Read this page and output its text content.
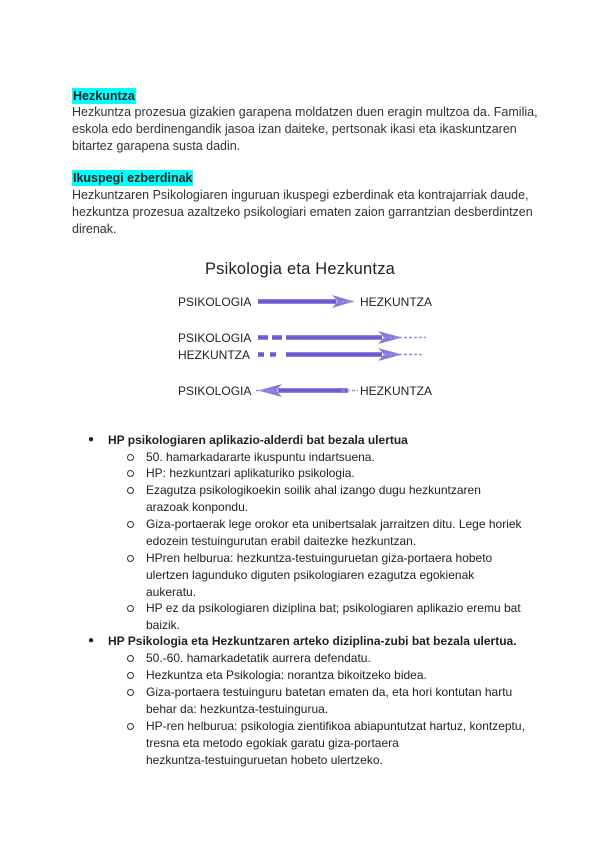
Hezkuntza
Hezkuntza prozesua gizakien garapena moldatzen duen eragin multzoa da. Familia,
eskola edo berdinengandik jasoa izan daiteke, pertsonak ikasi eta ikaskuntzaren
bitartez garapena susta dadin.
Ikuspegi ezberdinak
Hezkuntzaren Psikologiaren inguruan ikuspegi ezberdinak eta kontrajarriak daude,
hezkuntza prozesua azaltzeko psikologiari ematen zaion garrantzian desberdintzen
direnak.
Psikologia eta Hezkuntza
PSIKOLOGIA	HEZKUNTZA
PSIKOLOGIA
HEZKUNTZA
PSIKOLOGIA	HEZKUNTZA
● HP psikologiaren aplikazio-alderdi bat bezala ulertua
50. hamarkadararte ikuspuntu indartsuena.
HP: hezkuntzari aplikaturiko psikologia.
Ezagutza psikologikoekin soilik ahal izango dugu hezkuntzaren
arazoak konpondu.
Giza-portaerak lege orokor eta unibertsalak jarraitzen ditu. Lege horiek
edozein testuingurutan erabil daitezke hezkuntzan.
HPren helburua: hezkuntza-testuinguruetan giza-portaera hobeto
ulertzen lagunduko diguten psikologiaren ezagutza egokienak
aukeratu.
HP ez da psikologiaren diziplina bat; psikologiaren aplikazio eremu bat
baizik.
● HP Psikologia eta Hezkuntzaren arteko diziplina-zubi bat bezala ulertua.
50.-60. hamarkadetatik aurrera defendatu.
Hezkuntza eta Psikologia: norantza bikoitzeko bidea.
Giza-portaera testuinguru batetan ematen da, eta hori kontutan hartu
behar da: hezkuntza-testuingurua.
HP-ren helburua: psikologia zientifikoa abiapuntutzat hartuz, kontzeptu,
tresna eta metodo egokiak garatu giza-portaera
hezkuntza-testuinguruetan hobeto ulertzeko.
